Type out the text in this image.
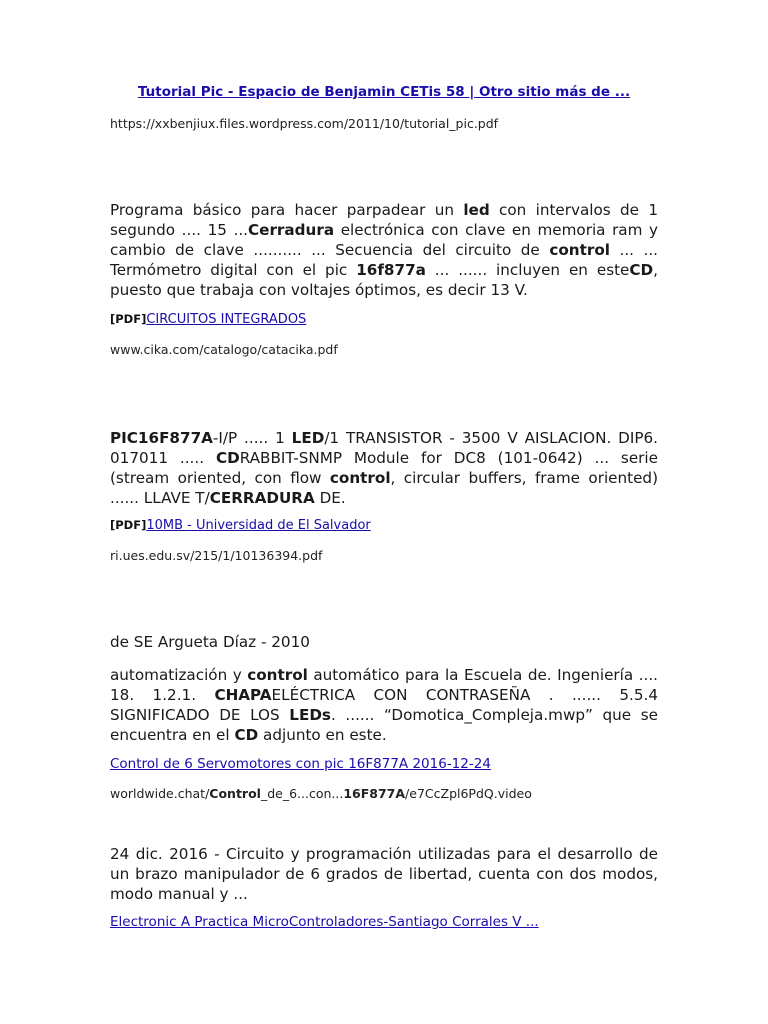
Tutorial Pic - Espacio de Benjamin CETis 58 | Otro sitio más de ...
https://xxbenjiux.files.wordpress.com/2011/10/tutorial_pic.pdf

Programa básico para hacer parpadear un led con intervalos de 1 segundo .... 15 ...Cerradura electrónica con clave en memoria ram y cambio de clave .......... ... Secuencia del circuito de control ... ... Termómetro digital con el pic 16f877a ... ...... incluyen en esteCD, puesto que trabaja con voltajes óptimos, es decir 13 V.

[PDF]CIRCUITOS INTEGRADOS
www.cika.com/catalogo/catacika.pdf

PIC16F877A-I/P ..... 1 LED/1 TRANSISTOR - 3500 V AISLACION. DIP6. 017011 ..... CDRABBIT-SNMP Module for DC8 (101-0642) ... serie (stream oriented, con flow control, circular buffers, frame oriented) ...... LLAVE T/CERRADURA DE.

[PDF]10MB - Universidad de El Salvador
ri.ues.edu.sv/215/1/10136394.pdf
de SE Argueta Díaz - 2010

automatización y control automático para la Escuela de. Ingeniería .... 18. 1.2.1. CHAPAELÉCTRICA CON CONTRASEÑA . ...... 5.5.4 SIGNIFICADO DE LOS LEDs. ...... “Domotica_Compleja.mwp” que se encuentra en el CD adjunto en este.

Control de 6 Servomotores con pic 16F877A 2016-12-24
worldwide.chat/Control_de_6...con...16F877A/e7CcZpl6PdQ.video

24 dic. 2016 - Circuito y programación utilizadas para el desarrollo de un brazo manipulador de 6 grados de libertad, cuenta con dos modos, modo manual y ...

Electronic A Practica MicroControladores-Santiago Corrales V ...
